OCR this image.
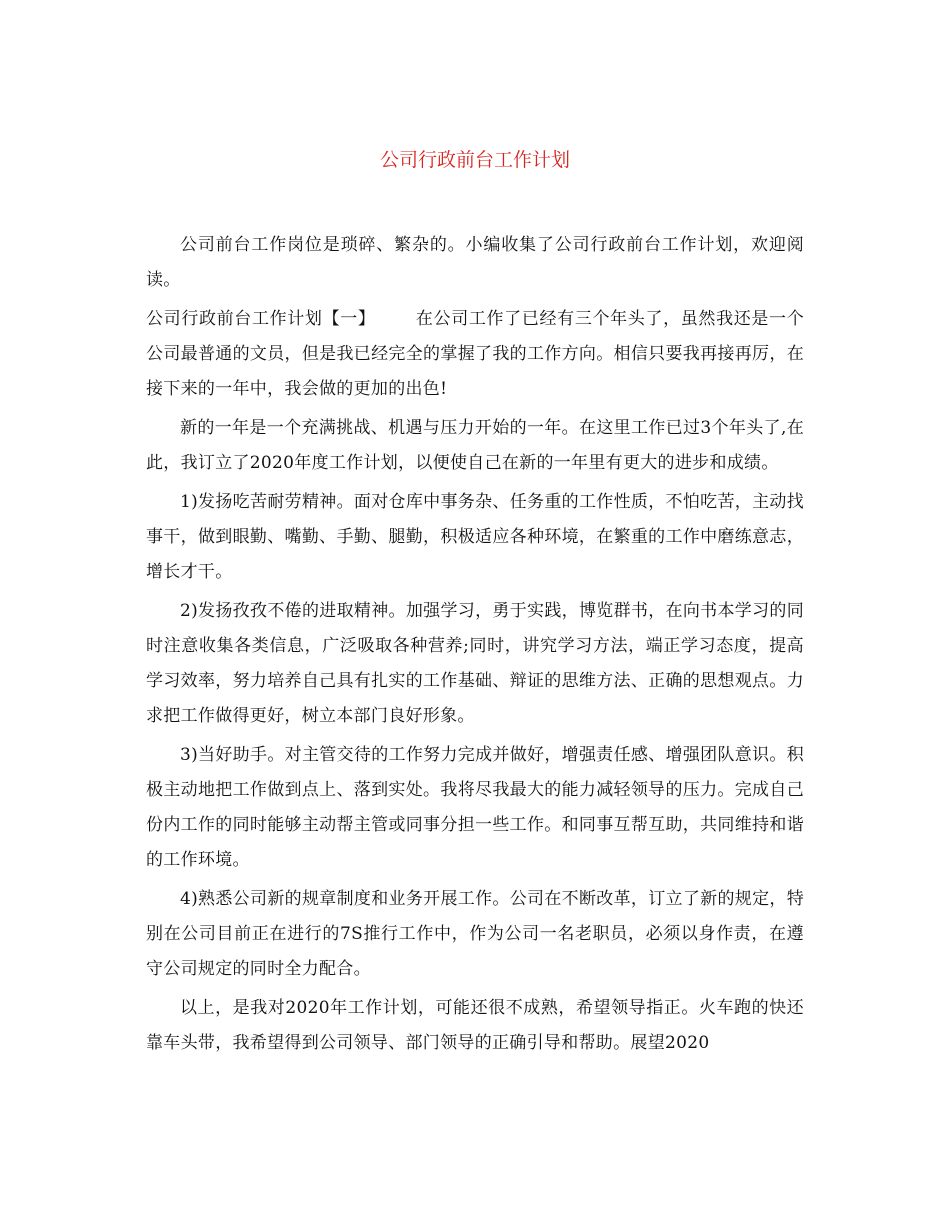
公司行政前台工作计划

公司前台工作岗位是琐碎、繁杂的。小编收集了公司行政前台工作计划，欢迎阅读。

公司行政前台工作计划【一】 在公司工作了已经有三个年头了，虽然我还是一个公司最普通的文员，但是我已经完全的掌握了我的工作方向。相信只要我再接再厉，在接下来的一年中，我会做的更加的出色!

新的一年是一个充满挑战、机遇与压力开始的一年。在这里工作已过3个年头了,在此，我订立了2020年度工作计划，以便使自己在新的一年里有更大的进步和成绩。

1)发扬吃苦耐劳精神。面对仓库中事务杂、任务重的工作性质，不怕吃苦，主动找事干，做到眼勤、嘴勤、手勤、腿勤，积极适应各种环境，在繁重的工作中磨练意志，增长才干。

2)发扬孜孜不倦的进取精神。加强学习，勇于实践，博览群书，在向书本学习的同时注意收集各类信息，广泛吸取各种营养;同时，讲究学习方法，端正学习态度，提高学习效率，努力培养自己具有扎实的工作基础、辩证的思维方法、正确的思想观点。力求把工作做得更好，树立本部门良好形象。

3)当好助手。对主管交待的工作努力完成并做好，增强责任感、增强团队意识。积极主动地把工作做到点上、落到实处。我将尽我最大的能力减轻领导的压力。完成自己份内工作的同时能够主动帮主管或同事分担一些工作。和同事互帮互助，共同维持和谐的工作环境。

4)熟悉公司新的规章制度和业务开展工作。公司在不断改革，订立了新的规定，特别在公司目前正在进行的7S推行工作中，作为公司一名老职员，必须以身作责，在遵守公司规定的同时全力配合。

以上，是我对2020年工作计划，可能还很不成熟，希望领导指正。火车跑的快还靠车头带，我希望得到公司领导、部门领导的正确引导和帮助。展望2020
